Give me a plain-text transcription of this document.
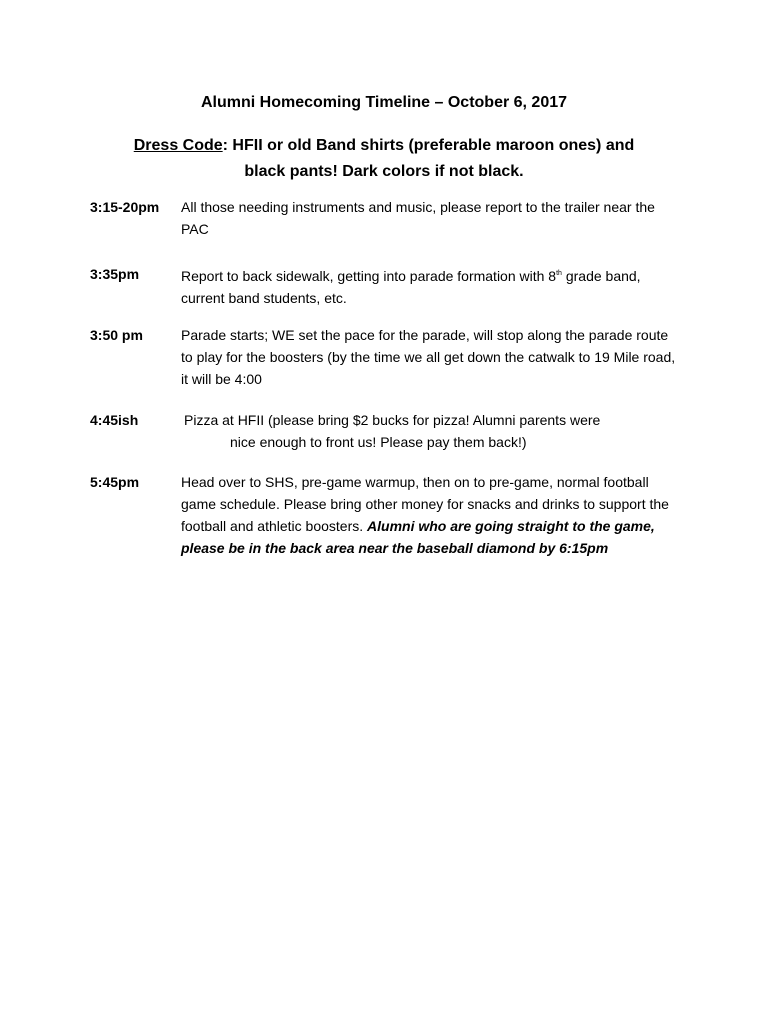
Alumni Homecoming Timeline – October 6, 2017
Dress Code: HFII or old Band shirts (preferable maroon ones) and
black pants! Dark colors if not black.
3:15-20pm All those needing instruments and music, please report to the trailer near the PAC
3:35pm	Report to back sidewalk, getting into parade formation with 8th grade band, current band students, etc.
3:50 pm	Parade starts; WE set the pace for the parade, will stop along the parade route to play for the boosters (by the time we all get down the catwalk to 19 Mile road, it will be 4:00
4:45ish	Pizza at HFII (please bring $2 bucks for pizza! Alumni parents were
nice enough to front us! Please pay them back!)
5:45pm	Head over to SHS, pre-game warmup, then on to pre-game, normal football game schedule. Please bring other money for snacks and drinks to support the football and athletic boosters. Alumni who are going straight to the game, please be in the back area near the baseball diamond by 6:15pm
